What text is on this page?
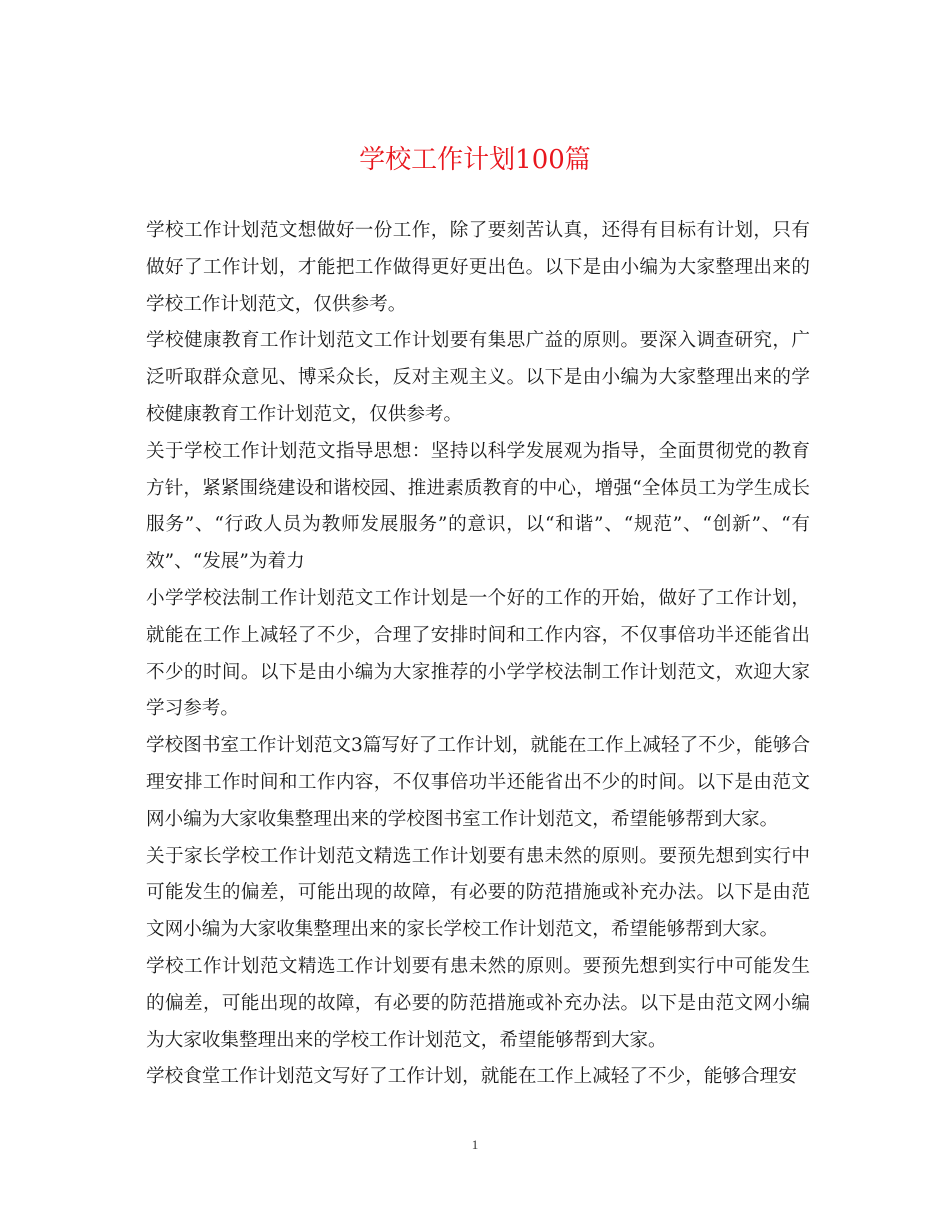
学校工作计划100篇

学校工作计划范文想做好一份工作，除了要刻苦认真，还得有目标有计划，只有做好了工作计划，才能把工作做得更好更出色。以下是由小编为大家整理出来的学校工作计划范文，仅供参考。

学校健康教育工作计划范文工作计划要有集思广益的原则。要深入调查研究，广泛听取群众意见、博采众长，反对主观主义。以下是由小编为大家整理出来的学校健康教育工作计划范文，仅供参考。

关于学校工作计划范文指导思想：坚持以科学发展观为指导，全面贯彻党的教育方针，紧紧围绕建设和谐校园、推进素质教育的中心，增强“全体员工为学生成长服务”、“行政人员为教师发展服务”的意识，以“和谐”、“规范”、“创新”、“有效”、“发展”为着力

小学学校法制工作计划范文工作计划是一个好的工作的开始，做好了工作计划，就能在工作上减轻了不少，合理了安排时间和工作内容，不仅事倍功半还能省出不少的时间。以下是由小编为大家推荐的小学学校法制工作计划范文，欢迎大家学习参考。

学校图书室工作计划范文3篇写好了工作计划，就能在工作上减轻了不少，能够合理安排工作时间和工作内容，不仅事倍功半还能省出不少的时间。以下是由范文网小编为大家收集整理出来的学校图书室工作计划范文，希望能够帮到大家。

关于家长学校工作计划范文精选工作计划要有患未然的原则。要预先想到实行中可能发生的偏差，可能出现的故障，有必要的防范措施或补充办法。以下是由范文网小编为大家收集整理出来的家长学校工作计划范文，希望能够帮到大家。

学校工作计划范文精选工作计划要有患未然的原则。要预先想到实行中可能发生的偏差，可能出现的故障，有必要的防范措施或补充办法。以下是由范文网小编为大家收集整理出来的学校工作计划范文，希望能够帮到大家。

学校食堂工作计划范文写好了工作计划，就能在工作上减轻了不少，能够合理安

1
